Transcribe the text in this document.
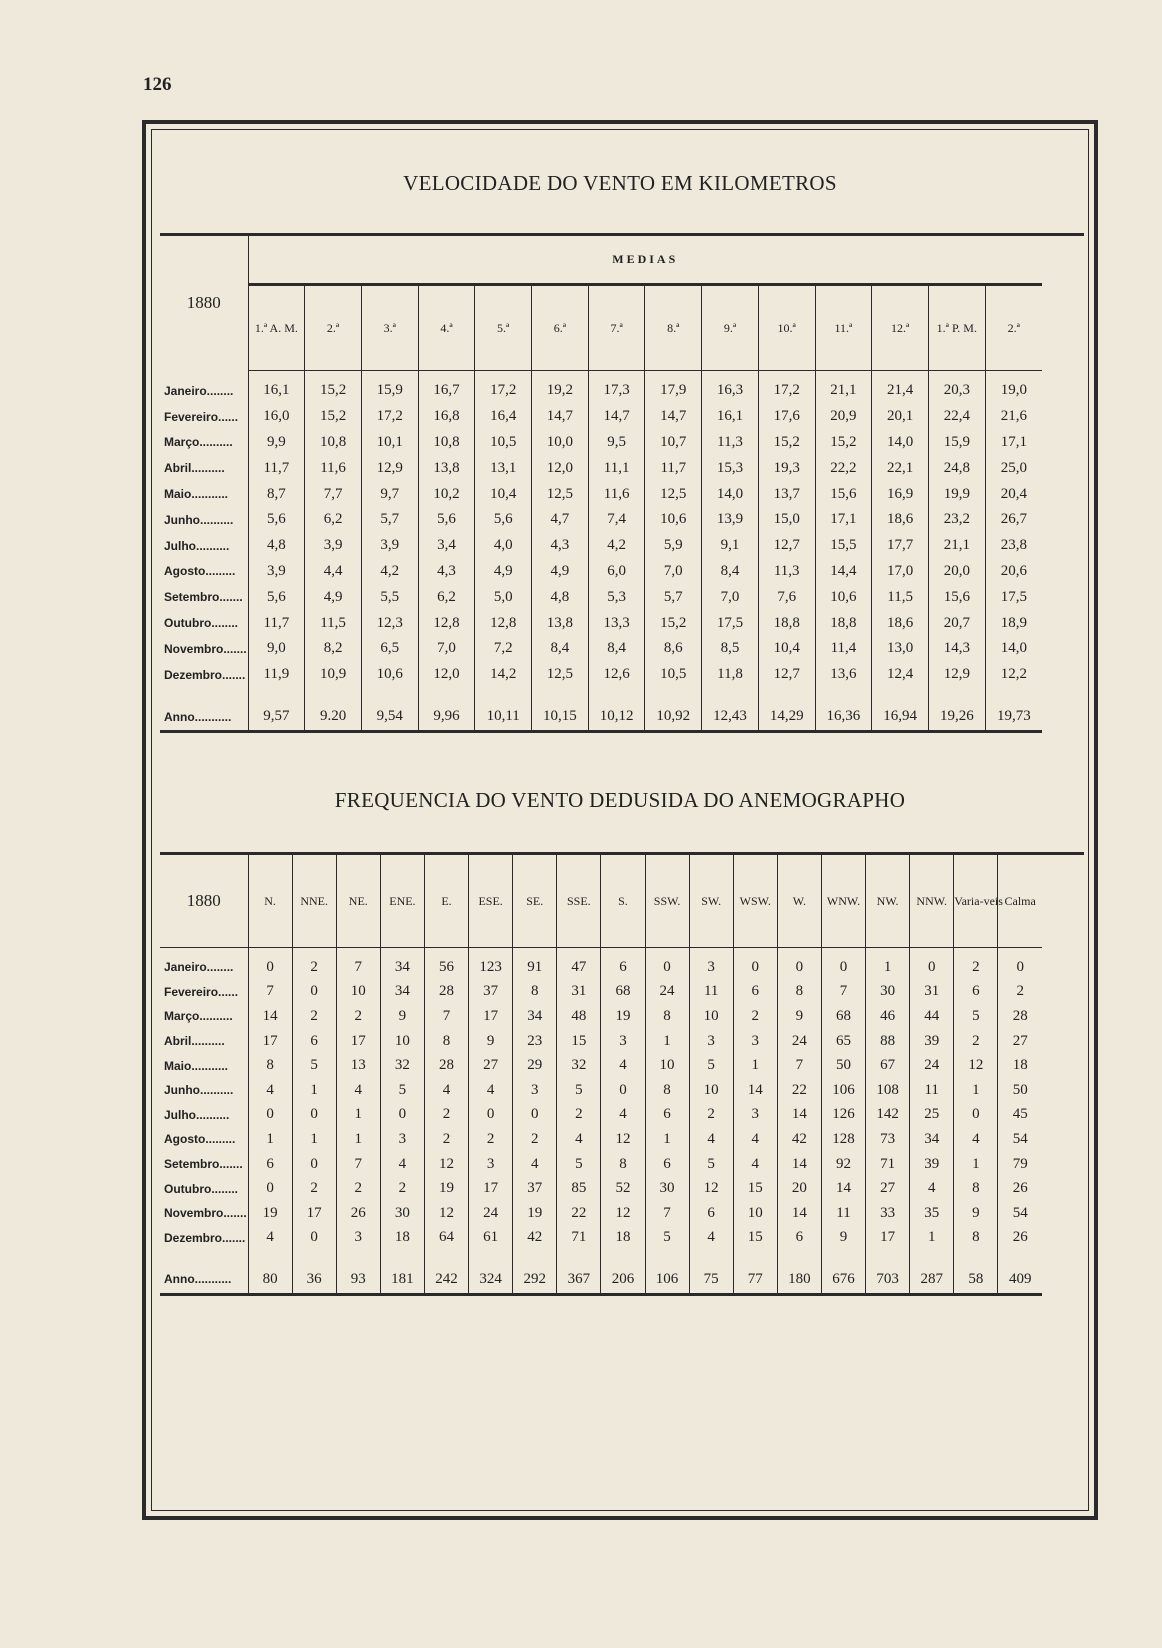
126
VELOCIDADE DO VENTO EM KILOMETROS
1880	MEDIAS													
	1.ª A. M.	2.ª	3.ª	4.ª	5.ª	6.ª	7.ª	8.ª	9.ª	10.ª	11.ª	12.ª	1.ª P. M.	2.ª

Janeiro........	16,1	15,2	15,9	16,7	17,2	19,2	17,3	17,9	16,3	17,2	21,1	21,4	20,3	19,0
Fevereiro......	16,0	15,2	17,2	16,8	16,4	14,7	14,7	14,7	16,1	17,6	20,9	20,1	22,4	21,6
Março..........	9,9	10,8	10,1	10,8	10,5	10,0	9,5	10,7	11,3	15,2	15,2	14,0	15,9	17,1
Abril..........	11,7	11,6	12,9	13,8	13,1	12,0	11,1	11,7	15,3	19,3	22,2	22,1	24,8	25,0
Maio...........	8,7	7,7	9,7	10,2	10,4	12,5	11,6	12,5	14,0	13,7	15,6	16,9	19,9	20,4
Junho..........	5,6	6,2	5,7	5,6	5,6	4,7	7,4	10,6	13,9	15,0	17,1	18,6	23,2	26,7
Julho..........	4,8	3,9	3,9	3,4	4,0	4,3	4,2	5,9	9,1	12,7	15,5	17,7	21,1	23,8
Agosto.........	3,9	4,4	4,2	4,3	4,9	4,9	6,0	7,0	8,4	11,3	14,4	17,0	20,0	20,6
Setembro.......	5,6	4,9	5,5	6,2	5,0	4,8	5,3	5,7	7,0	7,6	10,6	11,5	15,6	17,5
Outubro........	11,7	11,5	12,3	12,8	12,8	13,8	13,3	15,2	17,5	18,8	18,8	18,6	20,7	18,9
Novembro.......	9,0	8,2	6,5	7,0	7,2	8,4	8,4	8,6	8,5	10,4	11,4	13,0	14,3	14,0
Dezembro.......	11,9	10,9	10,6	12,0	14,2	12,5	12,6	10,5	11,8	12,7	13,6	12,4	12,9	12,2

Anno...........	9,57	9.20	9,54	9,96	10,11	10,15	10,12	10,92	12,43	14,29	16,36	16,94	19,26	19,73
FREQUENCIA DO VENTO DEDUSIDA DO ANEMOGRAPHO
1880	N.	NNE.	NE.	ENE.	E.	ESE.	SE.	SSE.	S.	SSW.	SW.	WSW.	W.	WNW.	NW.	NNW.	Varia-veis	Calma

Janeiro........	0	2	7	34	56	123	91	47	6	0	3	0	0	0	1	0	2	0
Fevereiro......	7	0	10	34	28	37	8	31	68	24	11	6	8	7	30	31	6	2
Março..........	14	2	2	9	7	17	34	48	19	8	10	2	9	68	46	44	5	28
Abril..........	17	6	17	10	8	9	23	15	3	1	3	3	24	65	88	39	2	27
Maio...........	8	5	13	32	28	27	29	32	4	10	5	1	7	50	67	24	12	18
Junho..........	4	1	4	5	4	4	3	5	0	8	10	14	22	106	108	11	1	50
Julho..........	0	0	1	0	2	0	0	2	4	6	2	3	14	126	142	25	0	45
Agosto.........	1	1	1	3	2	2	2	4	12	1	4	4	42	128	73	34	4	54
Setembro.......	6	0	7	4	12	3	4	5	8	6	5	4	14	92	71	39	1	79
Outubro........	0	2	2	2	19	17	37	85	52	30	12	15	20	14	27	4	8	26
Novembro.......	19	17	26	30	12	24	19	22	12	7	6	10	14	11	33	35	9	54
Dezembro.......	4	0	3	18	64	61	42	71	18	5	4	15	6	9	17	1	8	26

Anno...........	80	36	93	181	242	324	292	367	206	106	75	77	180	676	703	287	58	409
